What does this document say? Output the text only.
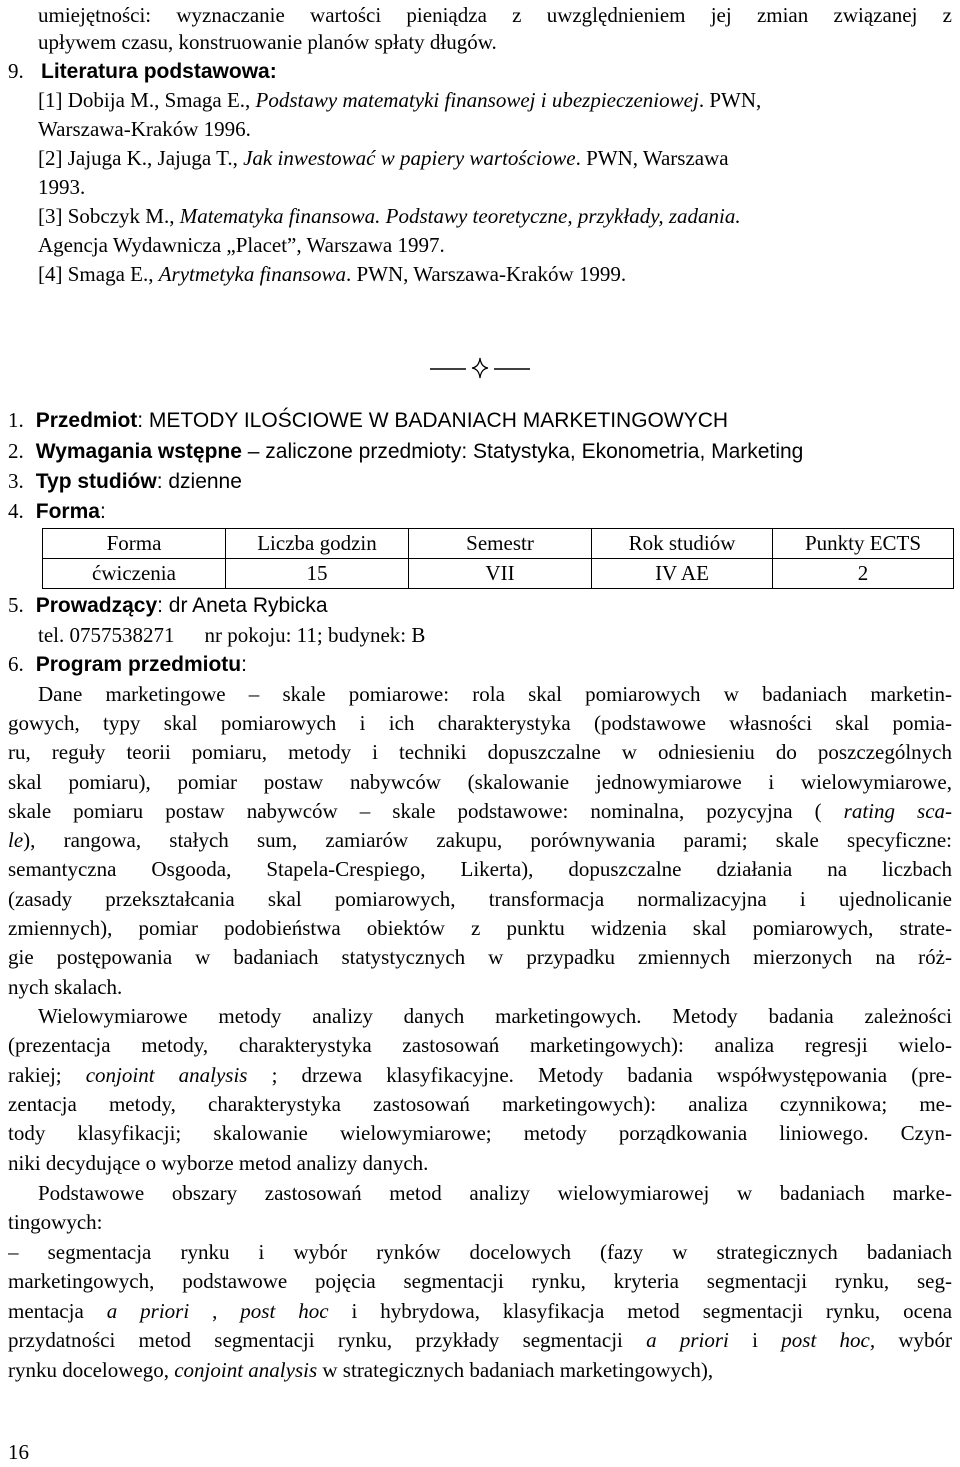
umiejętności: wyznaczanie wartości pieniądza z uwzględnieniem jej zmian związanej z
upływem czasu, konstruowanie planów spłaty długów.
9. Literatura podstawowa:
[1] Dobija M., Smaga E., Podstawy matematyki finansowej i ubezpieczeniowej. PWN,
Warszawa-Kraków 1996.
[2] Jajuga K., Jajuga T., Jak inwestować w papiery wartościowe. PWN, Warszawa
1993.
[3] Sobczyk M., Matematyka finansowa. Podstawy teoretyczne, przykłady, zadania.
Agencja Wydawnicza „Placet”, Warszawa 1997.
[4] Smaga E., Arytmetyka finansowa. PWN, Warszawa-Kraków 1999.
1. Przedmiot: METODY ILOŚCIOWE W BADANIACH MARKETINGOWYCH
2. Wymagania wstępne – zaliczone przedmioty: Statystyka, Ekonometria, Marketing
3. Typ studiów: dzienne
4. Forma:
Forma	Liczba godzin	Semestr	Rok studiów	Punkty ECTS
ćwiczenia	15	VII	IV AE	2
5. Prowadzący: dr Aneta Rybicka
tel. 0757538271 nr pokoju: 11; budynek: B
6. Program przedmiotu:
Dane marketingowe – skale pomiarowe: rola skal pomiarowych w badaniach marketin-
gowych, typy skal pomiarowych i ich charakterystyka (podstawowe własności skal pomia-
ru, reguły teorii pomiaru, metody i techniki dopuszczalne w odniesieniu do poszczególnych
skal pomiaru), pomiar postaw nabywców (skalowanie jednowymiarowe i wielowymiarowe,
skale pomiaru postaw nabywców – skale podstawowe: nominalna, pozycyjna ( rating sca-
le), rangowa, stałych sum, zamiarów zakupu, porównywania parami; skale specyficzne:
semantyczna Osgooda, Stapela-Crespiego, Likerta), dopuszczalne działania na liczbach
(zasady przekształcania skal pomiarowych, transformacja normalizacyjna i ujednolicanie
zmiennych), pomiar podobieństwa obiektów z punktu widzenia skal pomiarowych, strate-
gie postępowania w badaniach statystycznych w przypadku zmiennych mierzonych na róż-
nych skalach.
Wielowymiarowe metody analizy danych marketingowych. Metody badania zależności
(prezentacja metody, charakterystyka zastosowań marketingowych): analiza regresji wielo-
rakiej; conjoint analysis ; drzewa klasyfikacyjne. Metody badania współwystępowania (pre-
zentacja metody, charakterystyka zastosowań marketingowych): analiza czynnikowa; me-
tody klasyfikacji; skalowanie wielowymiarowe; metody porządkowania liniowego. Czyn-
niki decydujące o wyborze metod analizy danych.
Podstawowe obszary zastosowań metod analizy wielowymiarowej w badaniach marke-
tingowych:
– segmentacja rynku i wybór rynków docelowych (fazy w strategicznych badaniach
marketingowych, podstawowe pojęcia segmentacji rynku, kryteria segmentacji rynku, seg-
mentacja a priori , post hoc i hybrydowa, klasyfikacja metod segmentacji rynku, ocena
przydatności metod segmentacji rynku, przykłady segmentacji a priori i post hoc, wybór
rynku docelowego, conjoint analysis w strategicznych badaniach marketingowych),
16
